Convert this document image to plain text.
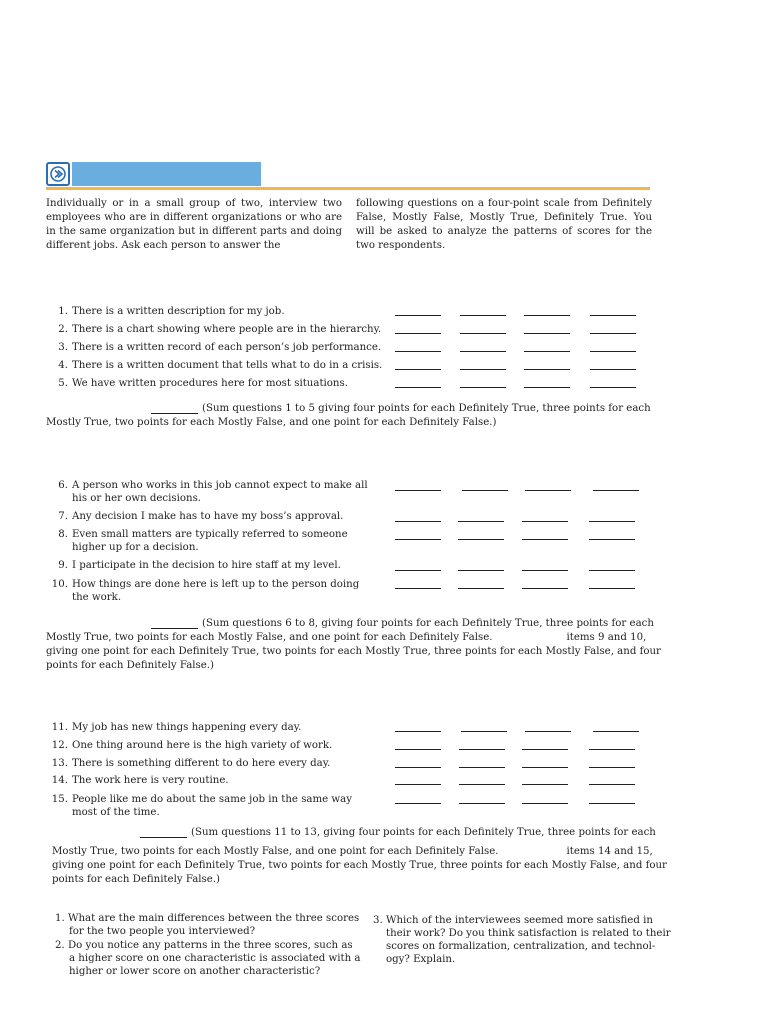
Individually or in a small group of two, interview two employees who are in different organizations or who are in the same organization but in different parts and doing different jobs. Ask each person to answer the
following questions on a four-point scale from Definitely False, Mostly False, Mostly True, Definitely True. You will be asked to analyze the patterns of scores for the two respondents.
1. There is a written description for my job.
2. There is a chart showing where people are in the hierarchy.
3. There is a written record of each person’s job performance.
4. There is a written document that tells what to do in a crisis.
5. We have written procedures here for most situations.
(Sum questions 1 to 5 giving four points for each Definitely True, three points for each
Mostly True, two points for each Mostly False, and one point for each Definitely False.)
6. A person who works in this job cannot expect to make all
his or her own decisions.
7. Any decision I make has to have my boss’s approval.
8. Even small matters are typically referred to someone
higher up for a decision.
9. I participate in the decision to hire staff at my level.
10. How things are done here is left up to the person doing
the work.
(Sum questions 6 to 8, giving four points for each Definitely True, three points for each
Mostly True, two points for each Mostly False, and one point for each Definitely False.	items 9 and 10,
giving one point for each Definitely True, two points for each Mostly True, three points for each Mostly False, and four
points for each Definitely False.)
11. My job has new things happening every day.
12. One thing around here is the high variety of work.
13. There is something different to do here every day.
14. The work here is very routine.
15. People like me do about the same job in the same way
most of the time.
(Sum questions 11 to 13, giving four points for each Definitely True, three points for each
Mostly True, two points for each Mostly False, and one point for each Definitely False.	items 14 and 15,
giving one point for each Definitely True, two points for each Mostly True, three points for each Mostly False, and four
points for each Definitely False.)
1. What are the main differences between the three scores
for the two people you interviewed?
2. Do you notice any patterns in the three scores, such as
a higher score on one characteristic is associated with a
higher or lower score on another characteristic?
3. Which of the interviewees seemed more satisfied in
their work? Do you think satisfaction is related to their
scores on formalization, centralization, and technol-
ogy? Explain.
